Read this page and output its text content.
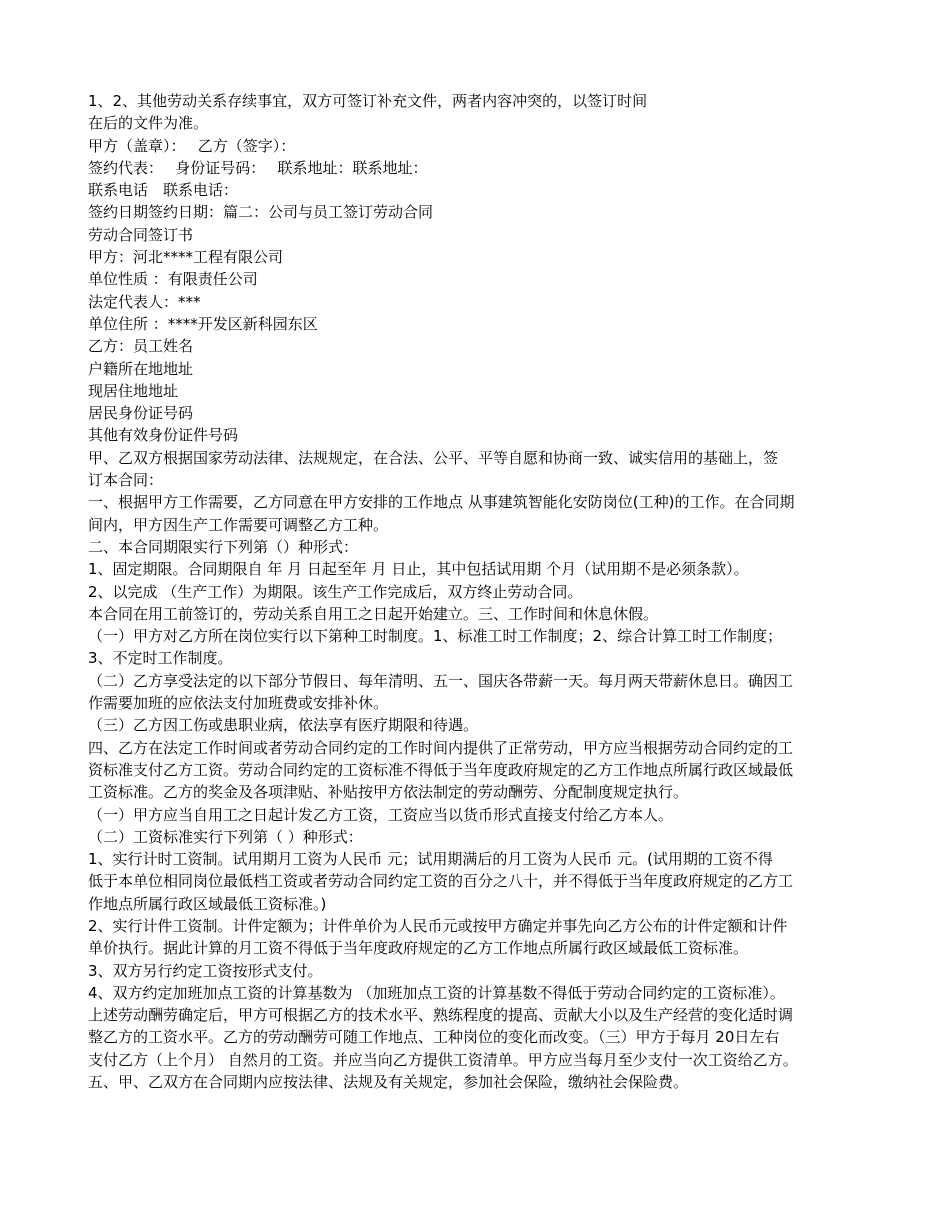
1、2、其他劳动关系存续事宜，双方可签订补充文件，两者内容冲突的，以签订时间
在后的文件为准。
甲方（盖章）：　 乙方（签字）：
签约代表：　 身份证号码：　 联系地址：联系地址：
联系电话　联系电话：
签约日期签约日期：篇二：公司与员工签订劳动合同
劳动合同签订书
甲方：河北****工程有限公司
单位性质 ：有限责任公司
法定代表人：***
单位住所 ：****开发区新科园东区
乙方：员工姓名
户籍所在地地址
现居住地地址
居民身份证号码
其他有效身份证件号码
甲、乙双方根据国家劳动法律、法规规定，在合法、公平、平等自愿和协商一致、诚实信用的基础上，签
订本合同：
一、根据甲方工作需要，乙方同意在甲方安排的工作地点 从事建筑智能化安防岗位(工种)的工作。在合同期
间内，甲方因生产工作需要可调整乙方工种。
二、本合同期限实行下列第（）种形式：
1、固定期限。合同期限自 年 月 日起至年 月 日止，其中包括试用期 个月（试用期不是必须条款）。
2、以完成 （生产工作）为期限。该生产工作完成后，双方终止劳动合同。
本合同在用工前签订的，劳动关系自用工之日起开始建立。三、工作时间和休息休假。
（一）甲方对乙方所在岗位实行以下第种工时制度。1、标准工时工作制度；2、综合计算工时工作制度；
3、不定时工作制度。
（二）乙方享受法定的以下部分节假日、每年清明、五一、国庆各带薪一天。每月两天带薪休息日。确因工
作需要加班的应依法支付加班费或安排补休。
（三）乙方因工伤或患职业病，依法享有医疗期限和待遇。
四、乙方在法定工作时间或者劳动合同约定的工作时间内提供了正常劳动，甲方应当根据劳动合同约定的工
资标准支付乙方工资。劳动合同约定的工资标准不得低于当年度政府规定的乙方工作地点所属行政区域最低
工资标准。乙方的奖金及各项津贴、补贴按甲方依法制定的劳动酬劳、分配制度规定执行。
（一）甲方应当自用工之日起计发乙方工资，工资应当以货币形式直接支付给乙方本人。
（二）工资标准实行下列第（ ）种形式：
1、实行计时工资制。试用期月工资为人民币 元；试用期满后的月工资为人民币 元。(试用期的工资不得
低于本单位相同岗位最低档工资或者劳动合同约定工资的百分之八十，并不得低于当年度政府规定的乙方工
作地点所属行政区域最低工资标准。)
2、实行计件工资制。计件定额为；计件单价为人民币元或按甲方确定并事先向乙方公布的计件定额和计件
单价执行。据此计算的月工资不得低于当年度政府规定的乙方工作地点所属行政区域最低工资标准。
3、双方另行约定工资按形式支付。
4、双方约定加班加点工资的计算基数为 （加班加点工资的计算基数不得低于劳动合同约定的工资标准）。
上述劳动酬劳确定后，甲方可根据乙方的技术水平、熟练程度的提高、贡献大小以及生产经营的变化适时调
整乙方的工资水平。乙方的劳动酬劳可随工作地点、工种岗位的变化而改变。（三）甲方于每月 20日左右
支付乙方（上个月） 自然月的工资。并应当向乙方提供工资清单。甲方应当每月至少支付一次工资给乙方。
五、甲、乙双方在合同期内应按法律、法规及有关规定，参加社会保险，缴纳社会保险费。
